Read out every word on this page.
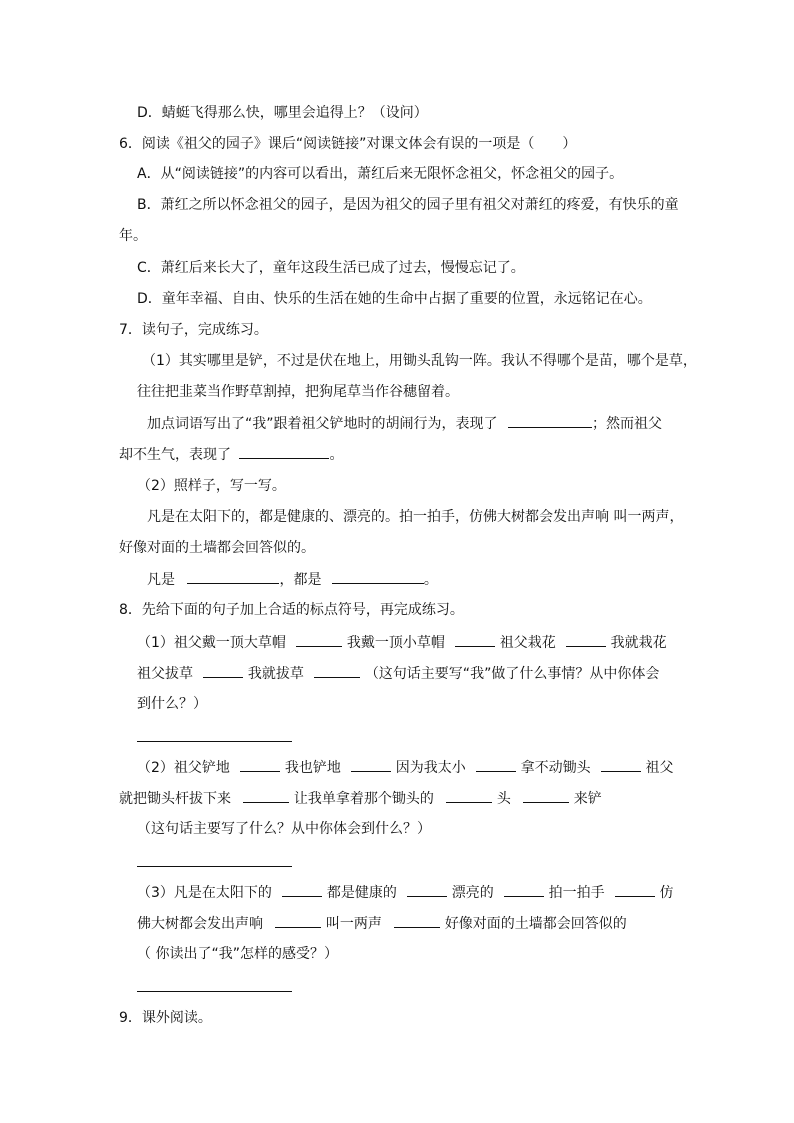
D．蜻蜓飞得那么快，哪里会追得上？（设问）
6．阅读《祖父的园子》课后“阅读链接”对课文体会有误的一项是（　　）
A．从“阅读链接”的内容可以看出，萧红后来无限怀念祖父，怀念祖父的园子。
B．萧红之所以怀念祖父的园子，是因为祖父的园子里有祖父对萧红的疼爱，有快乐的童
年。
C．萧红后来长大了，童年这段生活已成了过去，慢慢忘记了。
D．童年幸福、自由、快乐的生活在她的生命中占据了重要的位置，永远铭记在心。
7．读句子，完成练习。
（1）其实哪里是铲，不过是伏在地上，用锄头乱钩一阵。我认不得哪个是苗，哪个是草，
往往把韭菜当作野草割掉，把狗尾草当作谷穗留着。
加点词语写出了“我”跟着祖父铲地时的胡闹行为，表现了	；然而祖父
却不生气，表现了	。
（2）照样子，写一写。
凡是在太阳下的，都是健康的、漂亮的。拍一拍手，仿佛大树都会发出声响 叫一两声，
好像对面的土墙都会回答似的。
凡是	，都是	。
8．先给下面的句子加上合适的标点符号，再完成练习。
（1）祖父戴一顶大草帽	我戴一顶小草帽	祖父栽花	我就栽花
祖父拔草	我就拔草	（这句话主要写“我”做了什么事情？从中你体会
到什么？）
（2）祖父铲地	我也铲地	因为我太小	拿不动锄头	祖父
就把锄头杆拔下来	让我单拿着那个锄头的	头	来铲
（这句话主要写了什么？从中你体会到什么？）
（3）凡是在太阳下的	都是健康的	漂亮的	拍一拍手	仿
佛大树都会发出声响	叫一两声	好像对面的土墙都会回答似的
（ 你读出了“我”怎样的感受？）
9．课外阅读。
